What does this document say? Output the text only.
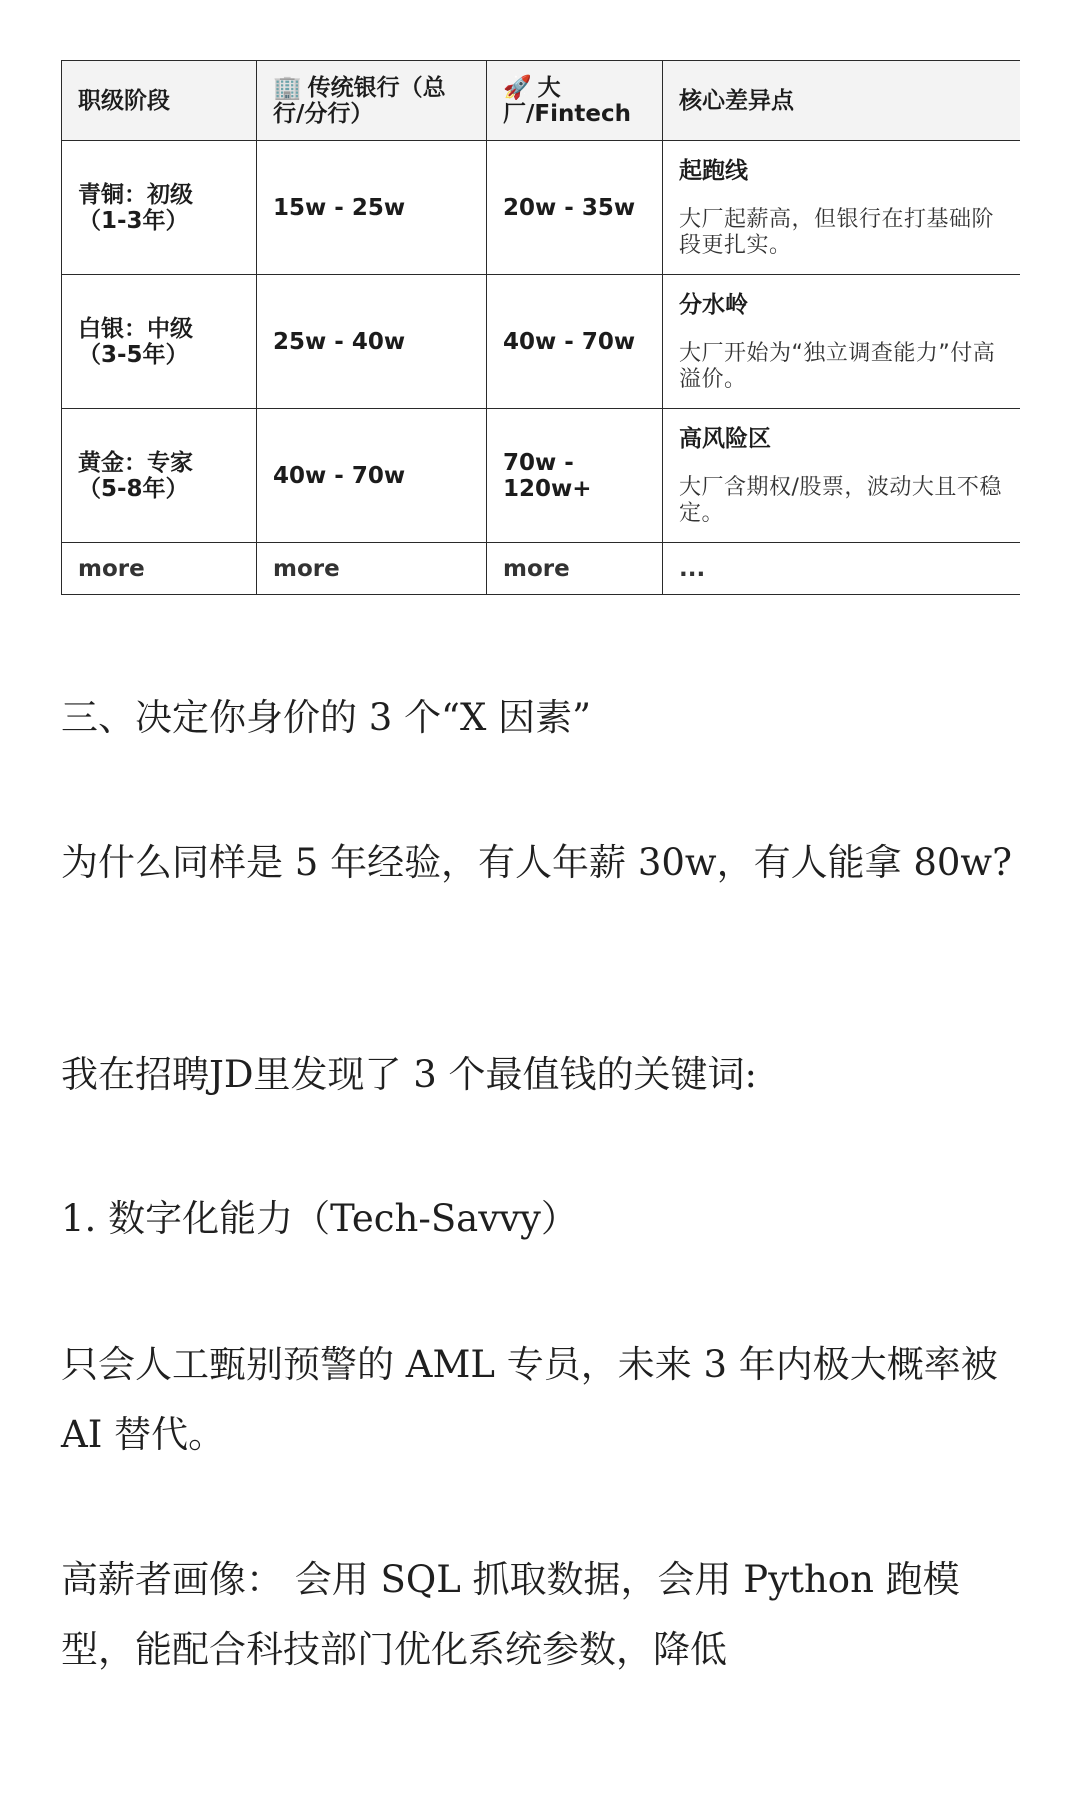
职级阶段	🏢 传统银行（总行/分行）	🚀 大厂/Fintech	核心差异点
青铜：初级（1-3年）	15w - 25w	20w - 35w	起跑线
大厂起薪高，但银行在打基础阶段更扎实。

白银：中级（3-5年）	25w - 40w	40w - 70w	分水岭
大厂开始为“独立调查能力”付高溢价。

黄金：专家（5-8年）	40w - 70w	70w - 120w+	高风险区
大厂含期权/股票，波动大且不稳定。

more	more	more	...

三、决定你身价的 3 个“X 因素”

为什么同样是 5 年经验，有人年薪 30w，有人能拿 80w?

我在招聘JD里发现了 3 个最值钱的关键词:

1. 数字化能力（Tech-Savvy）

只会人工甄别预警的 AML 专员，未来 3 年内极大概率被 AI 替代。

高薪者画像： 会用 SQL 抓取数据，会用 Python 跑模型，能配合科技部门优化系统参数，降低
